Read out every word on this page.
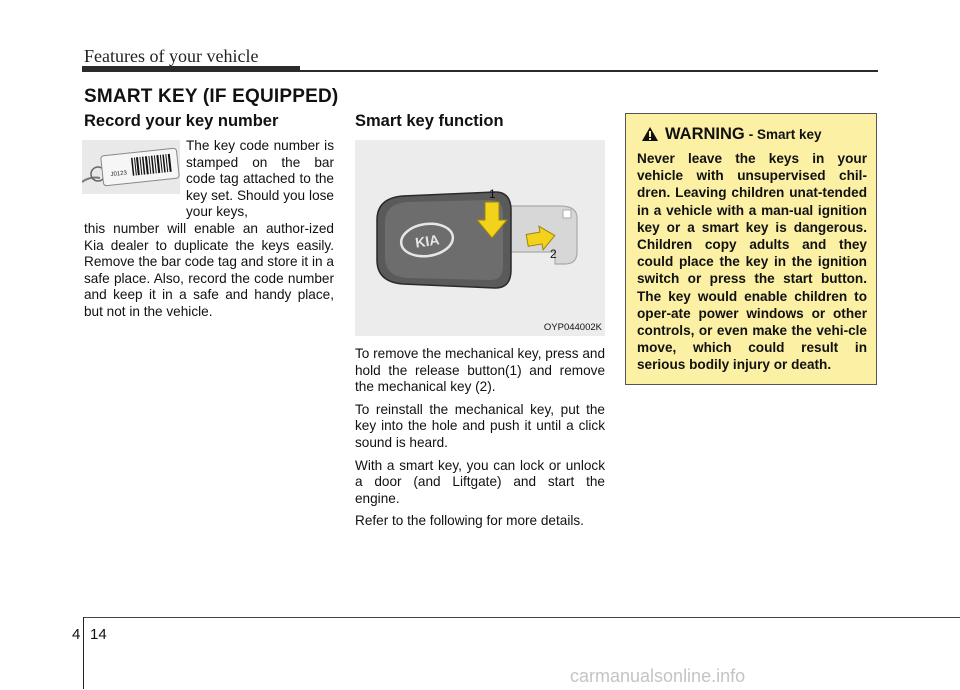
Features of your vehicle
SMART KEY (IF EQUIPPED)
Record your key number
J0123

The key code number is stamped on the bar code tag attached to the key set. Should you lose your keys,

this number will enable an author-ized Kia dealer to duplicate the keys easily. Remove the bar code tag and store it in a safe place. Also, record the code number and keep it in a safe and handy place, but not in the vehicle.

Smart key function
KIA
1
2
OYP044002K

To remove the mechanical key, press and hold the release button(1) and remove the mechanical key (2).

To reinstall the mechanical key, put the key into the hole and push it until a click sound is heard.

With a smart key, you can lock or unlock a door (and Liftgate) and start the engine.

Refer to the following for more details.

WARNING - Smart key

Never leave the keys in your vehicle with unsupervised chil-dren. Leaving children unat-tended in a vehicle with a man-ual ignition key or a smart key is dangerous. Children copy adults and they could place the key in the ignition switch or press the start button. The key would enable children to oper-ate power windows or other controls, or even make the vehi-cle move, which could result in serious bodily injury or death.

4 14
carmanualsonline.info
